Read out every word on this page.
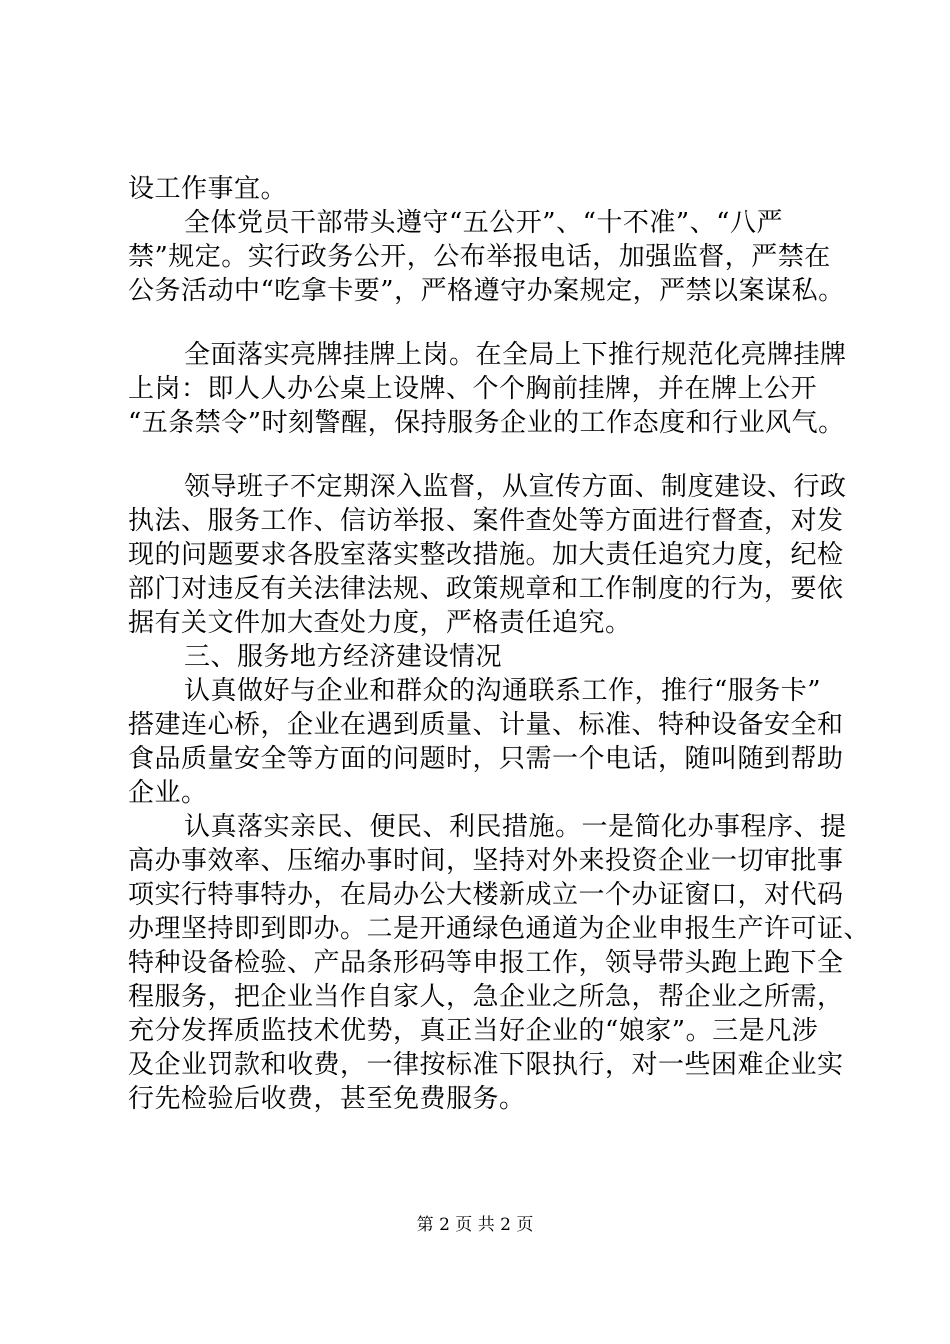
设工作事宜。
全体党员干部带头遵守“五公开”、“十不准”、“八严
禁”规定。实行政务公开，公布举报电话，加强监督，严禁在
公务活动中“吃拿卡要”，严格遵守办案规定，严禁以案谋私。
全面落实亮牌挂牌上岗。在全局上下推行规范化亮牌挂牌
上岗：即人人办公桌上设牌、个个胸前挂牌，并在牌上公开
“五条禁令”时刻警醒，保持服务企业的工作态度和行业风气。
领导班子不定期深入监督，从宣传方面、制度建设、行政
执法、服务工作、信访举报、案件查处等方面进行督查，对发
现的问题要求各股室落实整改措施。加大责任追究力度，纪检
部门对违反有关法律法规、政策规章和工作制度的行为，要依
据有关文件加大查处力度，严格责任追究。
三、服务地方经济建设情况
认真做好与企业和群众的沟通联系工作，推行“服务卡”
搭建连心桥，企业在遇到质量、计量、标准、特种设备安全和
食品质量安全等方面的问题时，只需一个电话，随叫随到帮助
企业。
认真落实亲民、便民、利民措施。一是简化办事程序、提
高办事效率、压缩办事时间，坚持对外来投资企业一切审批事
项实行特事特办，在局办公大楼新成立一个办证窗口，对代码
办理坚持即到即办。二是开通绿色通道为企业申报生产许可证、
特种设备检验、产品条形码等申报工作，领导带头跑上跑下全
程服务，把企业当作自家人，急企业之所急，帮企业之所需，
充分发挥质监技术优势，真正当好企业的“娘家”。三是凡涉
及企业罚款和收费，一律按标准下限执行，对一些困难企业实
行先检验后收费，甚至免费服务。
第 2 页 共 2 页
